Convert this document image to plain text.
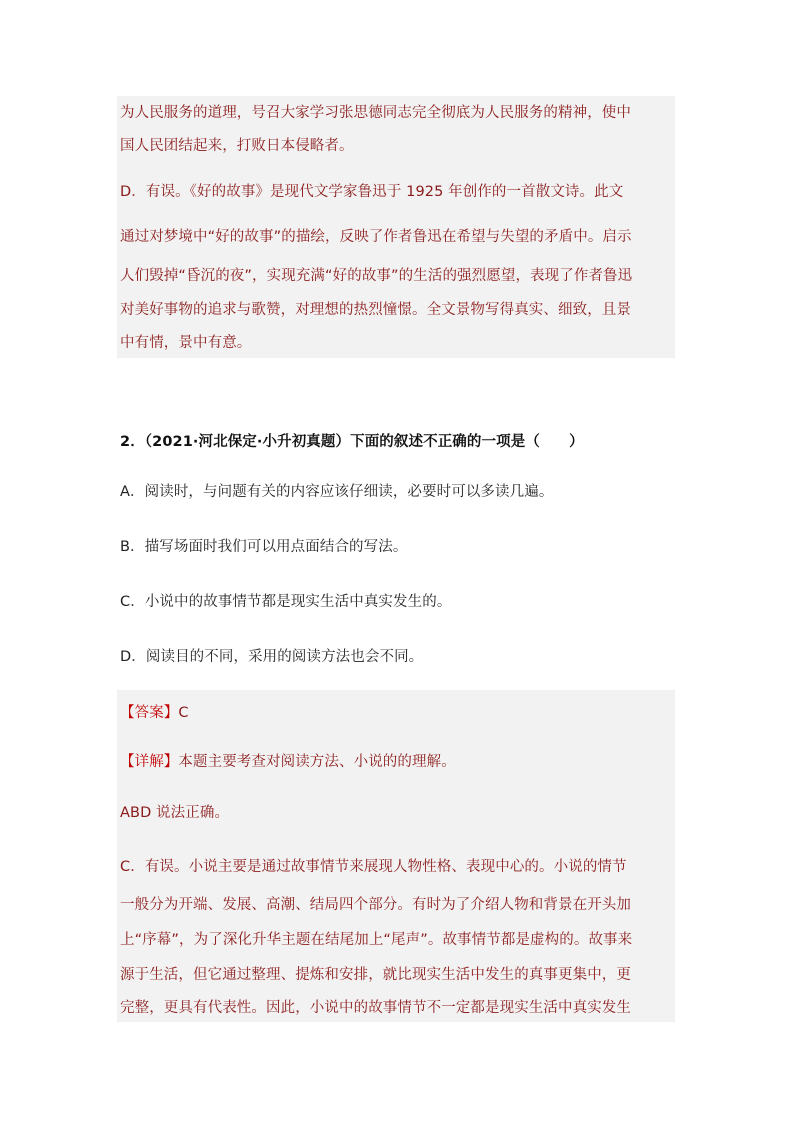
为人民服务的道理，号召大家学习张思德同志完全彻底为人民服务的精神，使中
国人民团结起来，打败日本侵略者。
D．有误。《好的故事》是现代文学家鲁迅于 1925 年创作的一首散文诗。此文
通过对梦境中“好的故事”的描绘，反映了作者鲁迅在希望与失望的矛盾中。启示
人们毁掉“昏沉的夜”，实现充满“好的故事”的生活的强烈愿望，表现了作者鲁迅
对美好事物的追求与歌赞，对理想的热烈憧憬。全文景物写得真实、细致，且景
中有情，景中有意。
2．（2021·河北保定·小升初真题）下面的叙述不正确的一项是（　　）
A．阅读时，与问题有关的内容应该仔细读，必要时可以多读几遍。
B．描写场面时我们可以用点面结合的写法。
C．小说中的故事情节都是现实生活中真实发生的。
D．阅读目的不同，采用的阅读方法也会不同。
【答案】C
【详解】本题主要考查对阅读方法、小说的的理解。
ABD 说法正确。
C．有误。小说主要是通过故事情节来展现人物性格、表现中心的。小说的情节
一般分为开端、发展、高潮、结局四个部分。有时为了介绍人物和背景在开头加
上“序幕”，为了深化升华主题在结尾加上“尾声”。故事情节都是虚构的。故事来
源于生活，但它通过整理、提炼和安排，就比现实生活中发生的真事更集中，更
完整，更具有代表性。因此，小说中的故事情节不一定都是现实生活中真实发生
